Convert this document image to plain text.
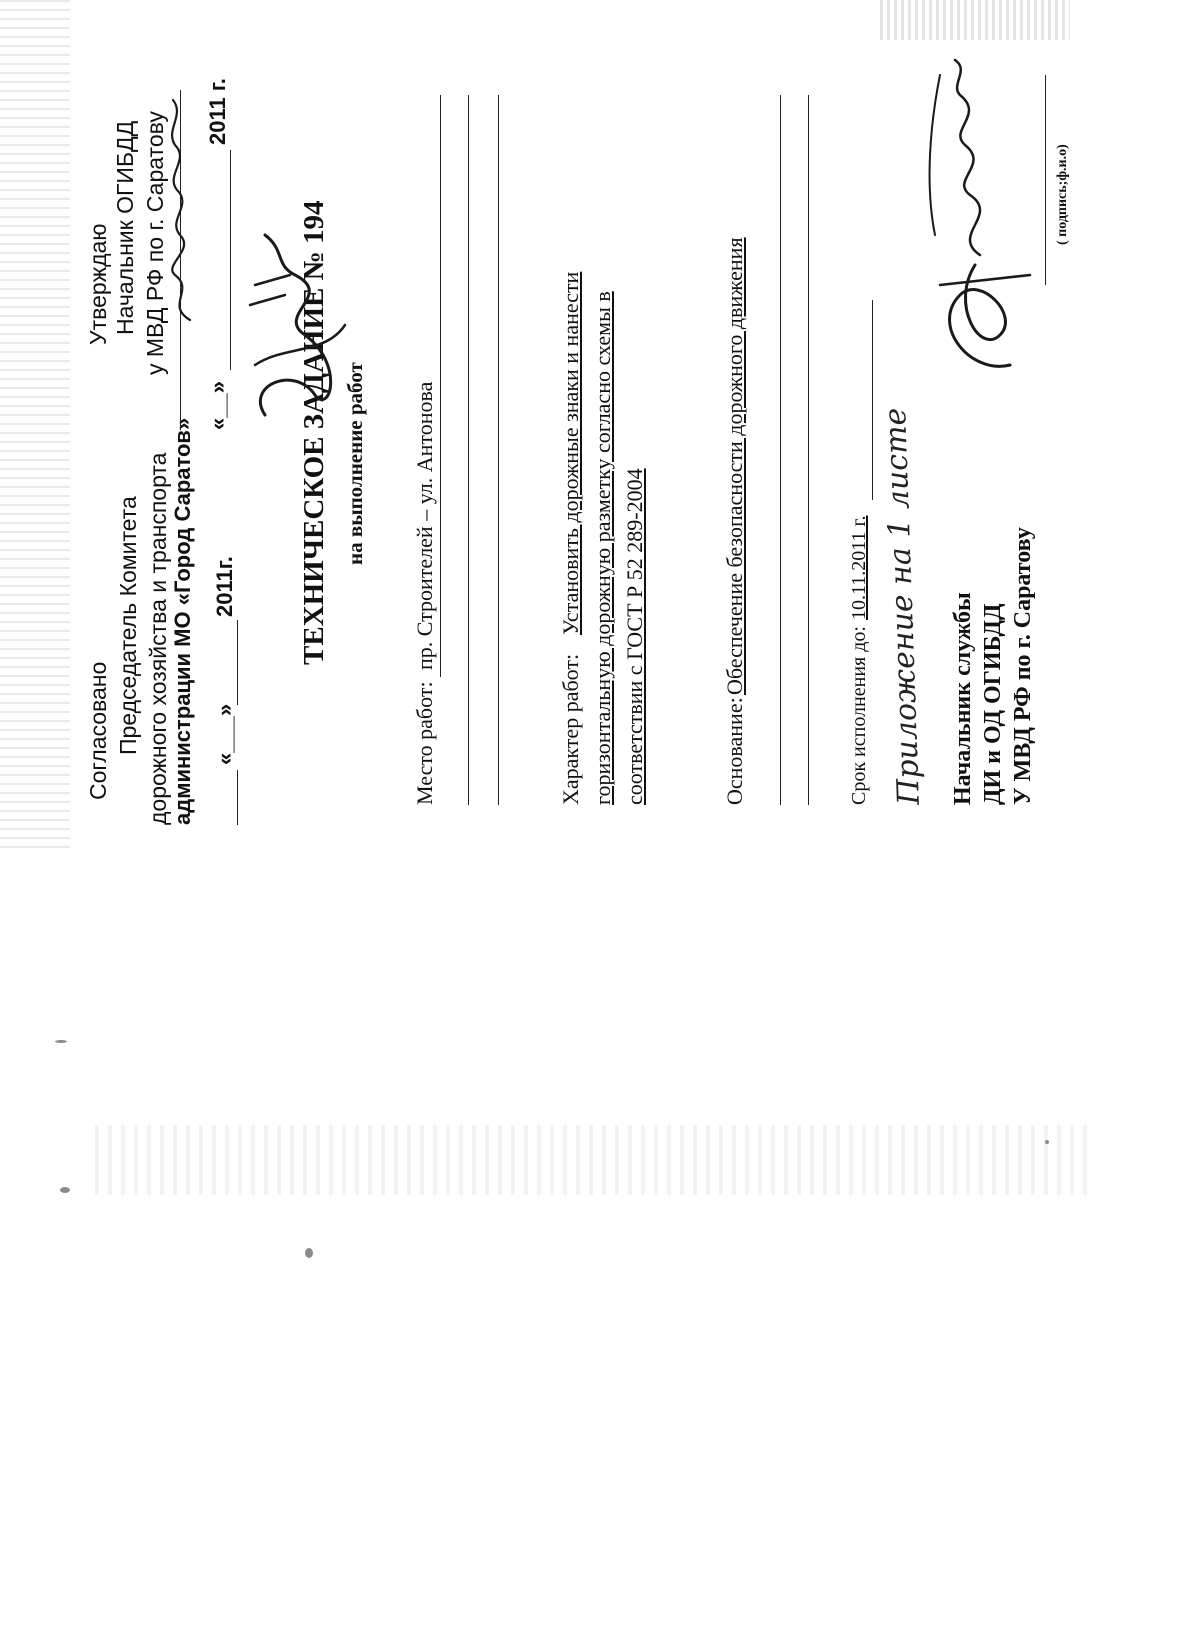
Согласовано Председатель Комитета дорожного хозяйства и транспорта администрации МО «Город Саратов» «___»
2011г.
Утверждаю Начальник ОГИБДД у МВД РФ по г. Саратову
«__»
2011 г.
ТЕХНИЧЕСКОЕ ЗАДАНИЕ № 194 на выполнение работ
Место работ:
пр. Строителей – ул. Антонова
Характер работ:
Установить дорожные знаки и нанести горизонтальную дорожную разметку согласно схемы в соответствии с ГОСТ Р 52 289-2004	Основание:
Обеспечение безопасности дорожного движения
Срок исполнения до:
10.11.2011 г. Приложение на 1 листе Начальник службы ДИ и ОД ОГИБДД У МВД РФ по г. Саратову
( подпись;ф.и.о)
